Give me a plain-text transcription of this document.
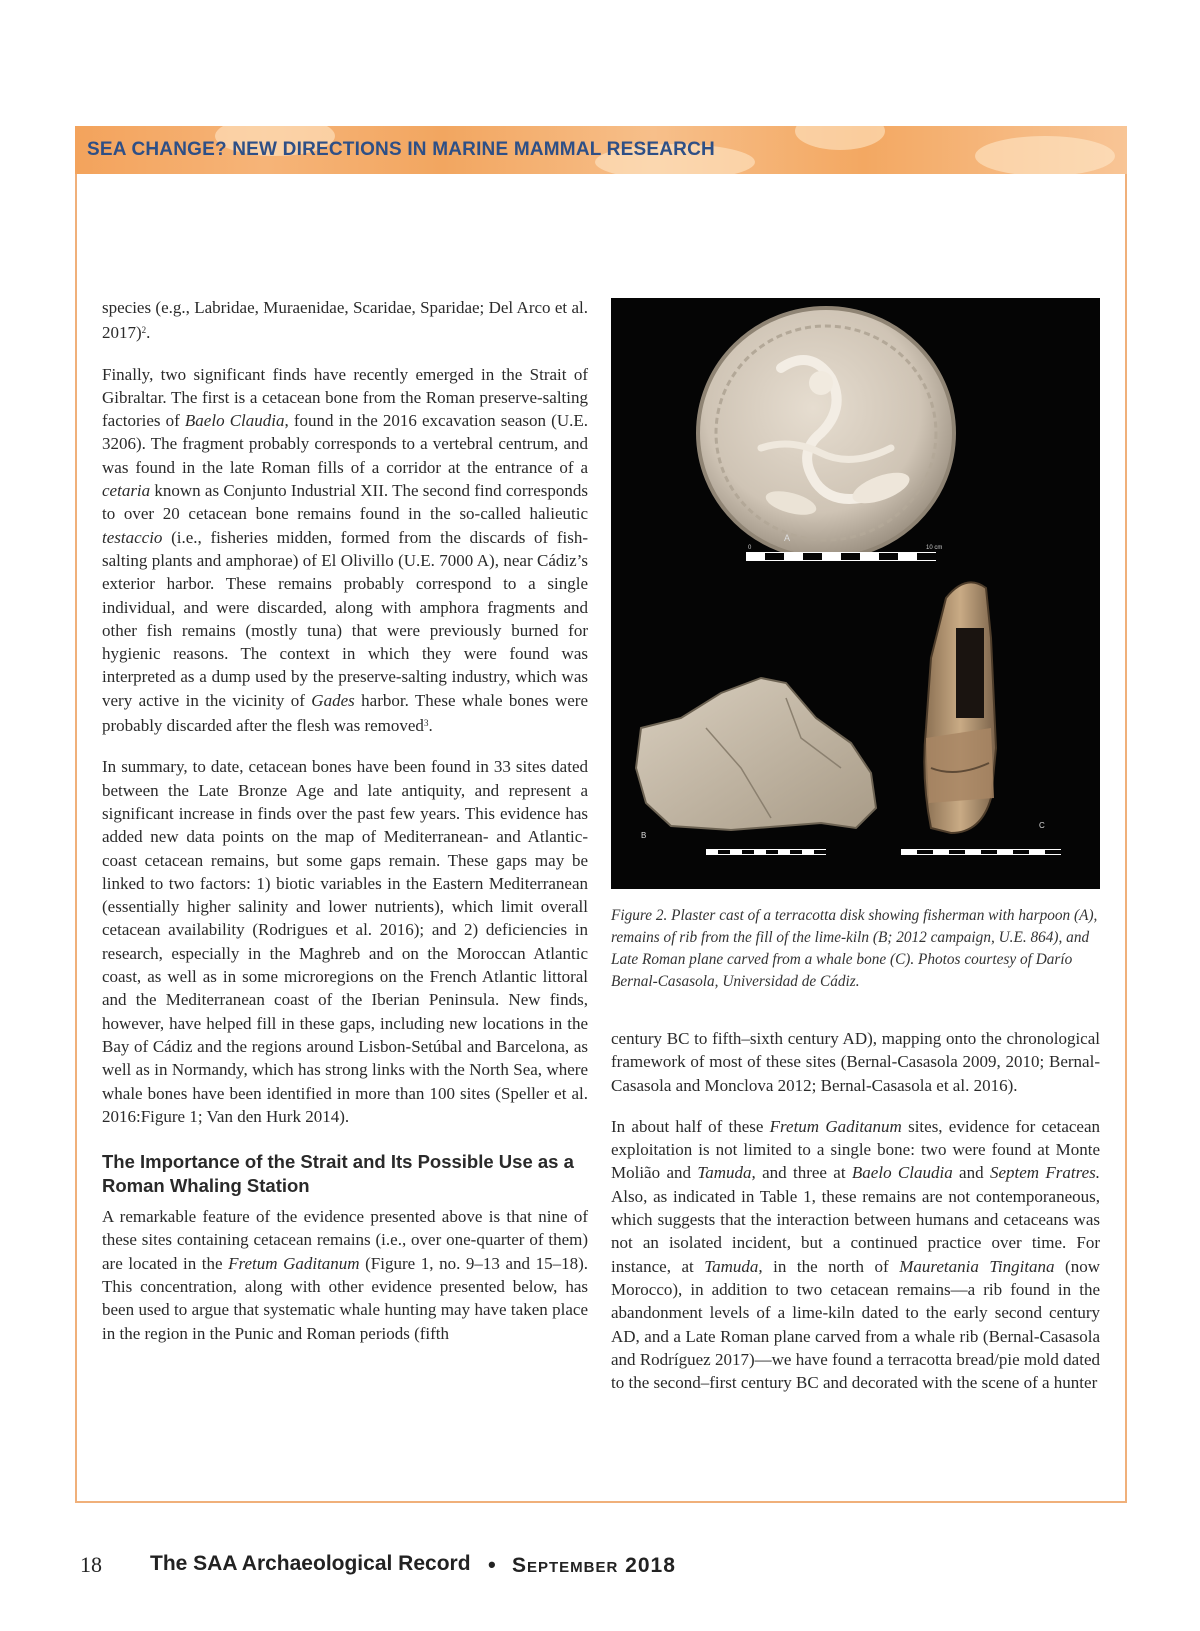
SEA CHANGE? NEW DIRECTIONS IN MARINE MAMMAL RESEARCH

species (e.g., Labridae, Muraenidae, Scaridae, Sparidae; Del Arco et al. 2017)$^2$.

Finally, two significant finds have recently emerged in the Strait of Gibraltar. The first is a cetacean bone from the Roman preserve-salting factories of Baelo Claudia, found in the 2016 excavation season (U.E. 3206). The fragment probably corresponds to a vertebral centrum, and was found in the late Roman fills of a corridor at the entrance of a cetaria known as Conjunto Industrial XII. The second find corresponds to over 20 cetacean bone remains found in the so-called halieutic testaccio (i.e., fisheries midden, formed from the discards of fish-salting plants and amphorae) of El Olivillo (U.E. 7000 A), near Cádiz’s exterior harbor. These remains probably correspond to a single individual, and were discarded, along with amphora fragments and other fish remains (mostly tuna) that were previously burned for hygienic reasons. The context in which they were found was interpreted as a dump used by the preserve-salting industry, which was very active in the vicinity of Gades harbor. These whale bones were probably discarded after the flesh was removed$^3$.

In summary, to date, cetacean bones have been found in 33 sites dated between the Late Bronze Age and late antiquity, and represent a significant increase in finds over the past few years. This evidence has added new data points on the map of Mediterranean- and Atlantic-coast cetacean remains, but some gaps remain. These gaps may be linked to two factors: 1) biotic variables in the Eastern Mediterranean (essentially higher salinity and lower nutrients), which limit overall cetacean availability (Rodrigues et al. 2016); and 2) deficiencies in research, especially in the Maghreb and on the Moroccan Atlantic coast, as well as in some microregions on the French Atlantic littoral and the Mediterranean coast of the Iberian Peninsula. New finds, however, have helped fill in these gaps, including new locations in the Bay of Cádiz and the regions around Lisbon-Setúbal and Barcelona, as well as in Normandy, which has strong links with the North Sea, where whale bones have been identified in more than 100 sites (Speller et al. 2016:Figure 1; Van den Hurk 2014).

The Importance of the Strait and Its Possible Use as a Roman Whaling Station

A remarkable feature of the evidence presented above is that nine of these sites containing cetacean remains (i.e., over one-quarter of them) are located in the Fretum Gaditanum (Figure 1, no. 9–13 and 15–18). This concentration, along with other evidence presented below, has been used to argue that systematic whale hunting may have taken place in the region in the Punic and Roman periods (fifth

A
0	10 cm
B
C
Figure 2. Plaster cast of a terracotta disk showing fisherman with harpoon (A), remains of rib from the fill of the lime-kiln (B; 2012 campaign, U.E. 864), and Late Roman plane carved from a whale bone (C). Photos courtesy of Darío Bernal-Casasola, Universidad de Cádiz.

century BC to fifth–sixth century AD), mapping onto the chronological framework of most of these sites (Bernal-Casasola 2009, 2010; Bernal-Casasola and Monclova 2012; Bernal-Casasola et al. 2016).

In about half of these Fretum Gaditanum sites, evidence for cetacean exploitation is not limited to a single bone: two were found at Monte Molião and Tamuda, and three at Baelo Claudia and Septem Fratres. Also, as indicated in Table 1, these remains are not contemporaneous, which suggests that the interaction between humans and cetaceans was not an isolated incident, but a continued practice over time. For instance, at Tamuda, in the north of Mauretania Tingitana (now Morocco), in addition to two cetacean remains—a rib found in the abandonment levels of a lime-kiln dated to the early second century AD, and a Late Roman plane carved from a whale rib (Bernal-Casasola and Rodríguez 2017)—we have found a terracotta bread/pie mold dated to the second–first century BC and decorated with the scene of a hunter

18 The SAA Archaeological Record • September 2018
